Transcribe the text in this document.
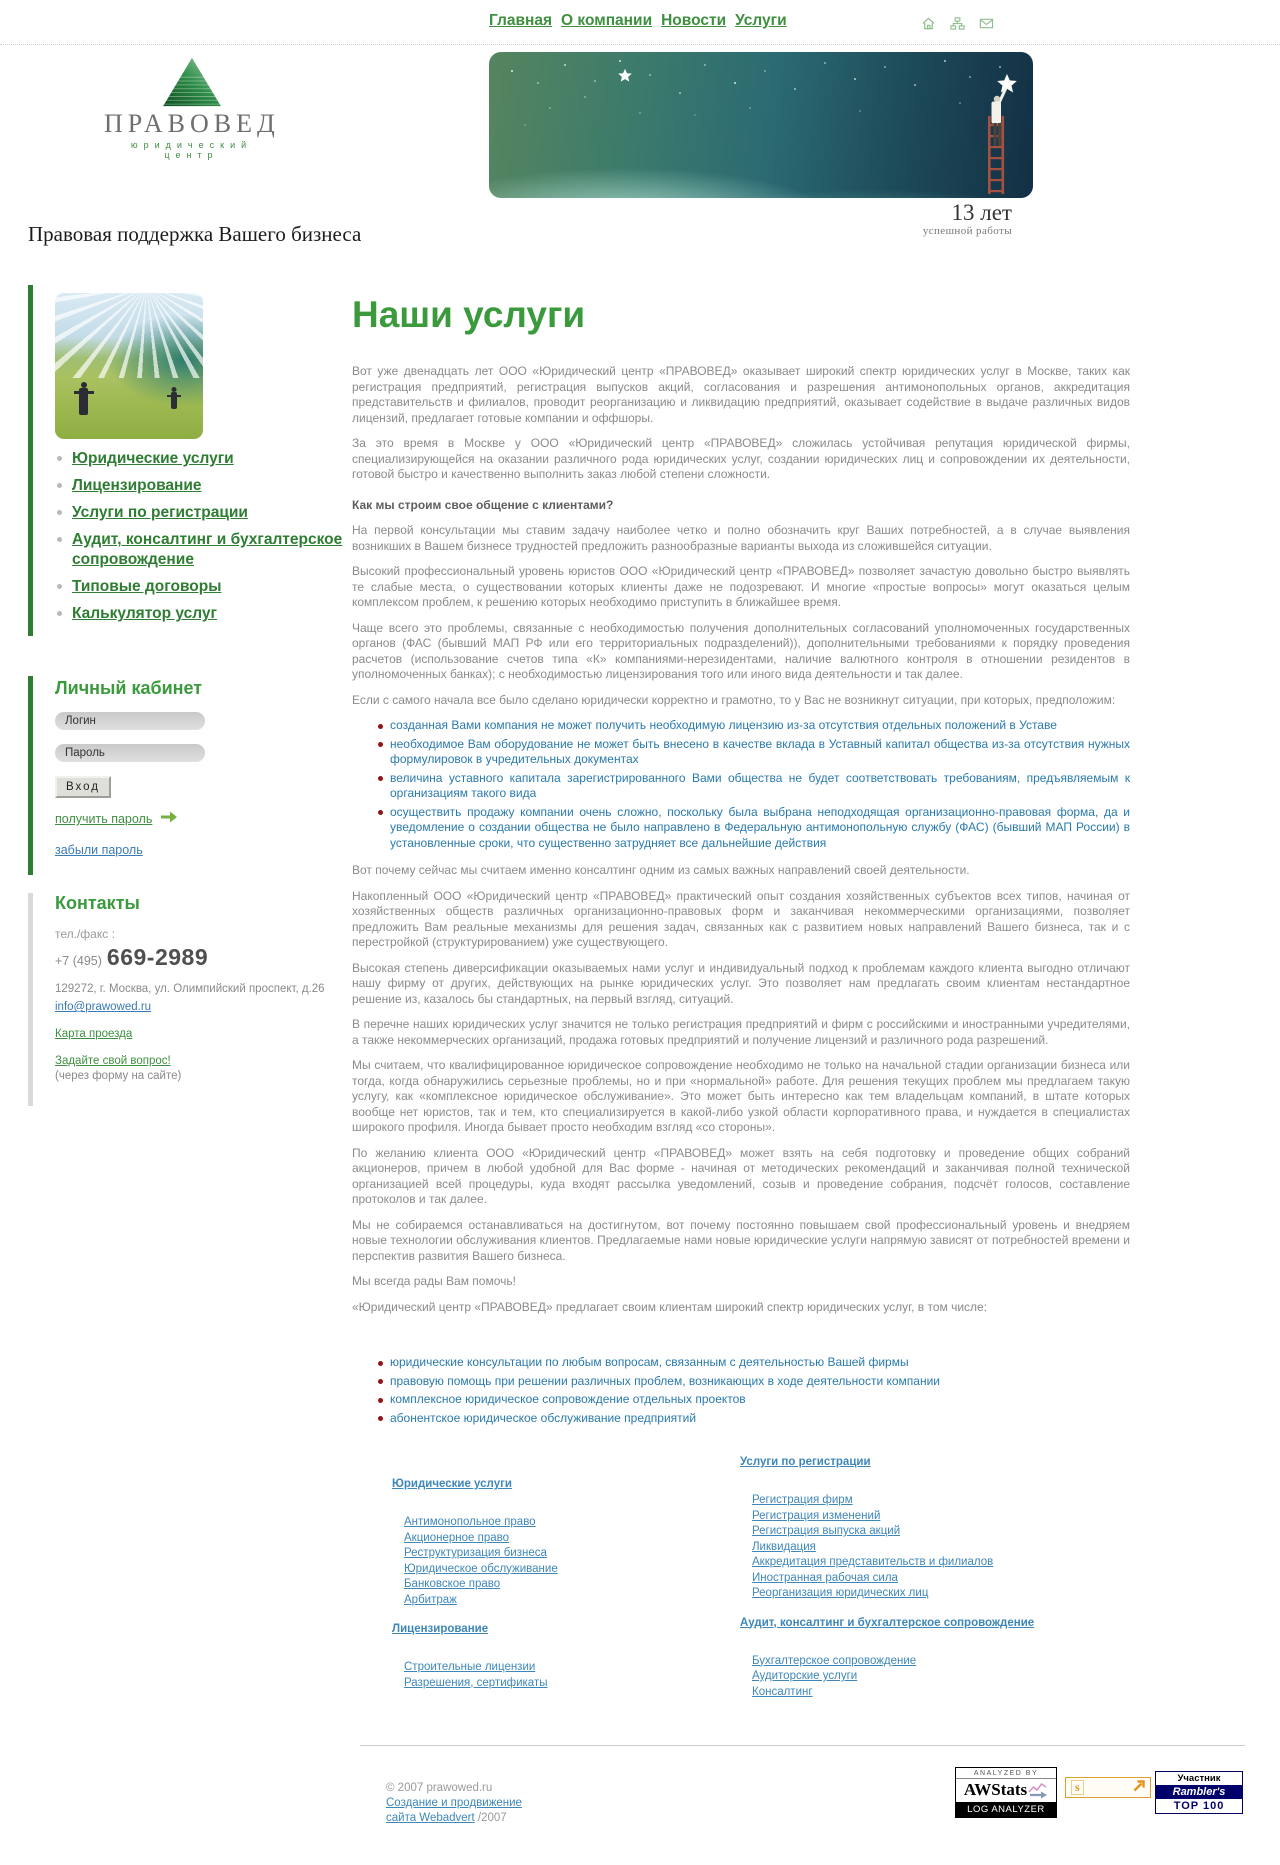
Главная О компании Новости Услуги
ПРАВОВЕД
юридический центр
13 лет
успешной работы
Правовая поддержка Вашего бизнеса
Юридические услуги
Лицензирование
Услуги по регистрации
Аудит, консалтинг и бухгалтерское сопровождение
Типовые договоры
Калькулятор услуг
Личный кабинет
Логин
Пароль
Вход
получить пароль
забыли пароль
Контакты
тел./факс :
+7 (495) 669-2989
129272, г. Москва, ул. Олимпийский проспект, д.26
info@prawowed.ru
Карта проезда
Задайте свой вопрос!
(через форму на сайте)
Наши услуги

Вот уже двенадцать лет ООО «Юридический центр «ПРАВОВЕД» оказывает широкий спектр юридических услуг в Москве, таких как регистрация предприятий, регистрация выпусков акций, согласования и разрешения антимонопольных органов, аккредитация представительств и филиалов, проводит реорганизацию и ликвидацию предприятий, оказывает содействие в выдаче различных видов лицензий, предлагает готовые компании и оффшоры.

За это время в Москве у ООО «Юридический центр «ПРАВОВЕД» сложилась устойчивая репутация юридической фирмы, специализирующейся на оказании различного рода юридических услуг, создании юридических лиц и сопровождении их деятельности, готовой быстро и качественно выполнить заказ любой степени сложности.

Как мы строим свое общение с клиентами?

На первой консультации мы ставим задачу наиболее четко и полно обозначить круг Ваших потребностей, а в случае выявления возникших в Вашем бизнесе трудностей предложить разнообразные варианты выхода из сложившейся ситуации.

Высокий профессиональный уровень юристов ООО «Юридический центр «ПРАВОВЕД» позволяет зачастую довольно быстро выявлять те слабые места, о существовании которых клиенты даже не подозревают. И многие «простые вопросы» могут оказаться целым комплексом проблем, к решению которых необходимо приступить в ближайшее время.

Чаще всего это проблемы, связанные с необходимостью получения дополнительных согласований уполномоченных государственных органов (ФАС (бывший МАП РФ или его территориальных подразделений)), дополнительными требованиями к порядку проведения расчетов (использование счетов типа «К» компаниями-нерезидентами, наличие валютного контроля в отношении резидентов в уполномоченных банках); с необходимостью лицензирования того или иного вида деятельности и так далее.

Если с самого начала все было сделано юридически корректно и грамотно, то у Вас не возникнут ситуации, при которых, предположим:

созданная Вами компания не может получить необходимую лицензию из-за отсутствия отдельных положений в Уставе
необходимое Вам оборудование не может быть внесено в качестве вклада в Уставный капитал общества из-за отсутствия нужных формулировок в учредительных документах
величина уставного капитала зарегистрированного Вами общества не будет соответствовать требованиям, предъявляемым к организациям такого вида
осуществить продажу компании очень сложно, поскольку была выбрана неподходящая организационно-правовая форма, да и уведомление о создании общества не было направлено в Федеральную антимонопольную службу (ФАС) (бывший МАП России) в установленные сроки, что существенно затрудняет все дальнейшие действия

Вот почему сейчас мы считаем именно консалтинг одним из самых важных направлений своей деятельности.

Накопленный ООО «Юридический центр «ПРАВОВЕД» практический опыт создания хозяйственных субъектов всех типов, начиная от хозяйственных обществ различных организационно-правовых форм и заканчивая некоммерческими организациями, позволяет предложить Вам реальные механизмы для решения задач, связанных как с развитием новых направлений Вашего бизнеса, так и с перестройкой (структурированием) уже существующего.

Высокая степень диверсификации оказываемых нами услуг и индивидуальный подход к проблемам каждого клиента выгодно отличают нашу фирму от других, действующих на рынке юридических услуг. Это позволяет нам предлагать своим клиентам нестандартное решение из, казалось бы стандартных, на первый взгляд, ситуаций.

В перечне наших юридических услуг значится не только регистрация предприятий и фирм с российскими и иностранными учредителями, а также некоммерческих организаций, продажа готовых предприятий и получение лицензий и различного рода разрешений.

Мы считаем, что квалифицированное юридическое сопровождение необходимо не только на начальной стадии организации бизнеса или тогда, когда обнаружились серьезные проблемы, но и при «нормальной» работе. Для решения текущих проблем мы предлагаем такую услугу, как «комплексное юридическое обслуживание». Это может быть интересно как тем владельцам компаний, в штате которых вообще нет юристов, так и тем, кто специализируется в какой-либо узкой области корпоративного права, и нуждается в специалистах широкого профиля. Иногда бывает просто необходим взгляд «со стороны».

По желанию клиента ООО «Юридический центр «ПРАВОВЕД» может взять на себя подготовку и проведение общих собраний акционеров, причем в любой удобной для Вас форме - начиная от методических рекомендаций и заканчивая полной технической организацией всей процедуры, куда входят рассылка уведомлений, созыв и проведение собрания, подсчёт голосов, составление протоколов и так далее.

Мы не собираемся останавливаться на достигнутом, вот почему постоянно повышаем свой профессиональный уровень и внедряем новые технологии обслуживания клиентов. Предлагаемые нами новые юридические услуги напрямую зависят от потребностей времени и перспектив развития Вашего бизнеса.

Мы всегда рады Вам помочь!

«Юридический центр «ПРАВОВЕД» предлагает своим клиентам широкий спектр юридических услуг, в том числе:

юридические консультации по любым вопросам, связанным с деятельностью Вашей фирмы
правовую помощь при решении различных проблем, возникающих в ходе деятельности компании
комплексное юридическое сопровождение отдельных проектов
абонентское юридическое обслуживание предприятий
Юридические услуги
Антимонопольное право
Акционерное право
Реструктуризация бизнеса
Юридическое обслуживание
Банковское право
Арбитраж
Лицензирование
Строительные лицензии
Разрешения, сертификаты
Услуги по регистрации
Регистрация фирм
Регистрация изменений
Регистрация выпуска акций
Ликвидация
Аккредитация представительств и филиалов
Иностранная рабочая сила
Реорганизация юридических лиц
Аудит, консалтинг и бухгалтерское сопровождение
Бухгалтерское сопровождение
Аудиторские услуги
Консалтинг
© 2007 prawowed.ru
Создание и продвижение
сайта Webadvert /2007
ANALYZED BY
AWStats
LOG ANALYZER
s
Участник
Rambler's
TOP 100
